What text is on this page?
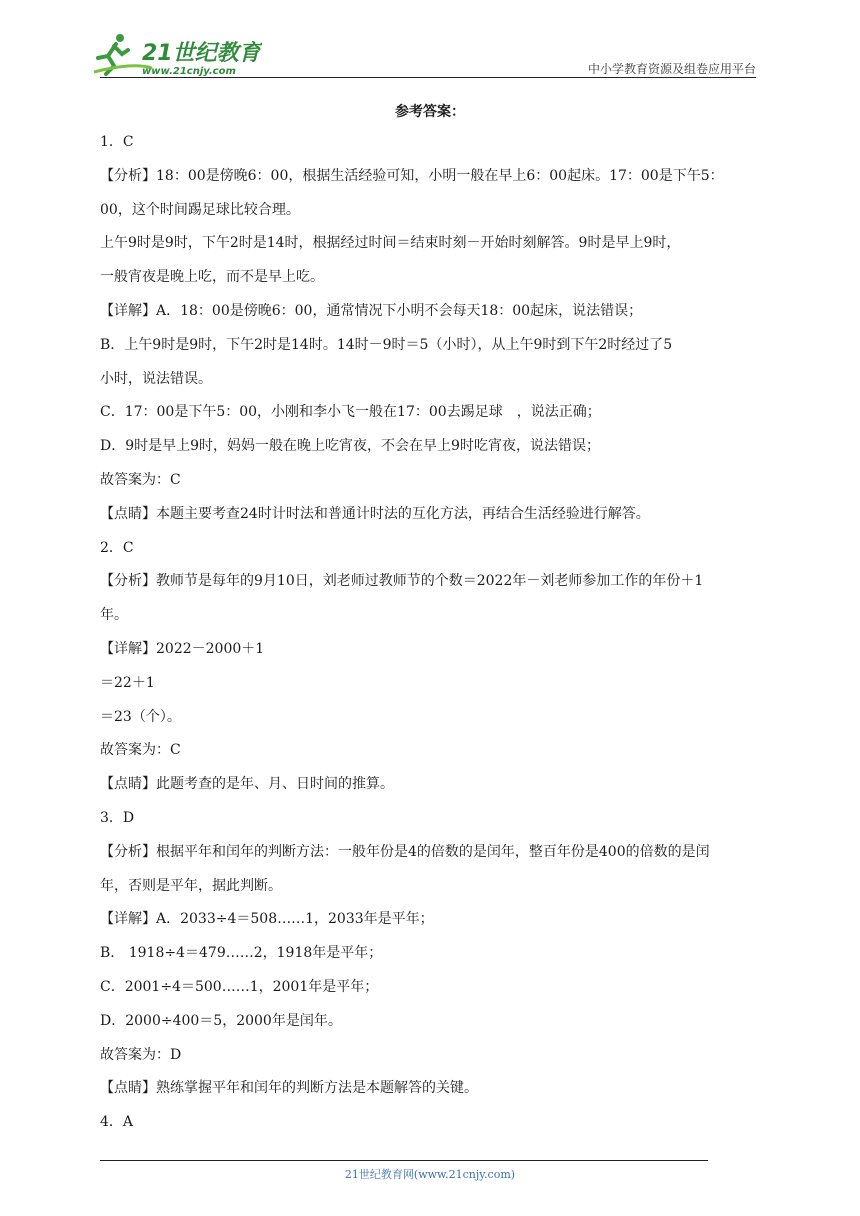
21世纪教育
www.21cnjy.com	中小学教育资源及组卷应用平台
参考答案：
1．C
【分析】18：00是傍晚6：00，根据生活经验可知，小明一般在早上6：00起床。17：00是下午5：
00，这个时间踢足球比较合理。
上午9时是9时，下午2时是14时，根据经过时间＝结束时刻－开始时刻解答。9时是早上9时，
一般宵夜是晚上吃，而不是早上吃。
【详解】A．18：00是傍晚6：00，通常情况下小明不会每天18：00起床，说法错误；
B．上午9时是9时，下午2时是14时。14时－9时＝5（小时），从上午9时到下午2时经过了5
小时，说法错误。
C．17：00是下午5：00，小刚和李小飞一般在17：00去踢足球　，说法正确；
D．9时是早上9时，妈妈一般在晚上吃宵夜，不会在早上9时吃宵夜，说法错误；
故答案为：C
【点睛】本题主要考查24时计时法和普通计时法的互化方法，再结合生活经验进行解答。
2．C
【分析】教师节是每年的9月10日，刘老师过教师节的个数＝2022年－刘老师参加工作的年份＋1
年。
【详解】2022－2000＋1
＝22＋1
＝23（个）。
故答案为：C
【点睛】此题考查的是年、月、日时间的推算。
3．D
【分析】根据平年和闰年的判断方法：一般年份是4的倍数的是闰年，整百年份是400的倍数的是闰
年，否则是平年，据此判断。
【详解】A．2033÷4＝508……1，2033年是平年；
B． 1918÷4＝479……2，1918年是平年；
C．2001÷4＝500……1，2001年是平年；
D．2000÷400＝5，2000年是闰年。
故答案为：D
【点睛】熟练掌握平年和闰年的判断方法是本题解答的关键。
4．A
21世纪教育网(www.21cnjy.com)
